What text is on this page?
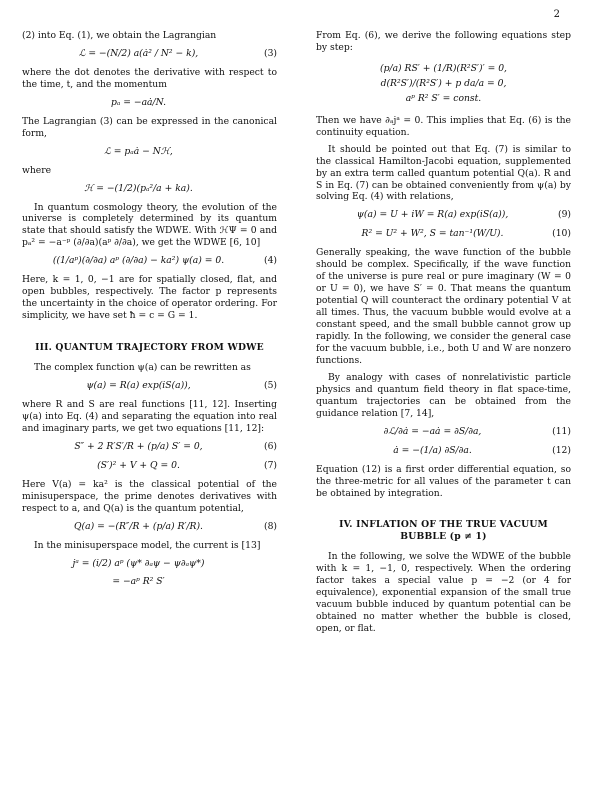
2

(2) into Eq. (1), we obtain the Lagrangian

ℒ = −(N/2) a(ȧ² / N² − k),	(3)

where the dot denotes the derivative with respect to the time, t, and the momentum

pₐ = −aȧ/N.

The Lagrangian (3) can be expressed in the canonical form,

ℒ = pₐȧ − Nℋ,

where

ℋ = −(1/2)(pₐ²/a + ka).

In quantum cosmology theory, the evolution of the universe is completely determined by its quantum state that should satisfy the WDWE. With ℋΨ = 0 and pₐ² = −a⁻ᵖ (∂/∂a)(aᵖ ∂/∂a), we get the WDWE [6, 10]

((1/aᵖ)(∂/∂a) aᵖ (∂/∂a) − ka²) ψ(a) = 0.	(4)

Here, k = 1, 0, −1 are for spatially closed, flat, and open bubbles, respectively. The factor p represents the uncertainty in the choice of operator ordering. For simplicity, we have set ħ = c = G = 1.

III. QUANTUM TRAJECTORY FROM WDWE

The complex function ψ(a) can be rewritten as

ψ(a) = R(a) exp(iS(a)),	(5)

where R and S are real functions [11, 12]. Inserting ψ(a) into Eq. (4) and separating the equation into real and imaginary parts, we get two equations [11, 12]:

S″ + 2 R′S′/R + (p/a) S′ = 0,	(6)
(S′)² + V + Q = 0.	(7)

Here V(a) = ka² is the classical potential of the minisuperspace, the prime denotes derivatives with respect to a, and Q(a) is the quantum potential,

Q(a) = −(R″/R + (p/a) R′/R).	(8)

In the minisuperspace model, the current is [13]

jᵃ = (i/2) aᵖ (ψ* ∂ₐψ − ψ∂ₐψ*)
= −aᵖ R² S′

From Eq. (6), we derive the following equations step by step:

(p/a) RS′ + (1/R)(R²S′)′ = 0,
d(R²S′)/(R²S′) + p da/a = 0,
aᵖ R² S′ = const.

Then we have ∂ₐjᵃ = 0. This implies that Eq. (6) is the continuity equation.

It should be pointed out that Eq. (7) is similar to the classical Hamilton-Jacobi equation, supplemented by an extra term called quantum potential Q(a). R and S in Eq. (7) can be obtained conveniently from ψ(a) by solving Eq. (4) with relations,

ψ(a) = U + iW = R(a) exp(iS(a)),	(9)
R² = U² + W², S = tan⁻¹(W/U).	(10)

Generally speaking, the wave function of the bubble should be complex. Specifically, if the wave function of the universe is pure real or pure imaginary (W = 0 or U = 0), we have S′ = 0. That means the quantum potential Q will counteract the ordinary potential V at all times. Thus, the vacuum bubble would evolve at a constant speed, and the small bubble cannot grow up rapidly. In the following, we consider the general case for the vacuum bubble, i.e., both U and W are nonzero functions.

By analogy with cases of nonrelativistic particle physics and quantum field theory in flat space-time, quantum trajectories can be obtained from the guidance relation [7, 14],

∂ℒ/∂ȧ = −aȧ = ∂S/∂a,	(11)
ȧ = −(1/a) ∂S/∂a.	(12)

Equation (12) is a first order differential equation, so the three-metric for all values of the parameter t can be obtained by integration.

IV. INFLATION OF THE TRUE VACUUM BUBBLE (p ≠ 1)

In the following, we solve the WDWE of the bubble with k = 1, −1, 0, respectively. When the ordering factor takes a special value p = −2 (or 4 for equivalence), exponential expansion of the small true vacuum bubble induced by quantum potential can be obtained no matter whether the bubble is closed, open, or flat.
